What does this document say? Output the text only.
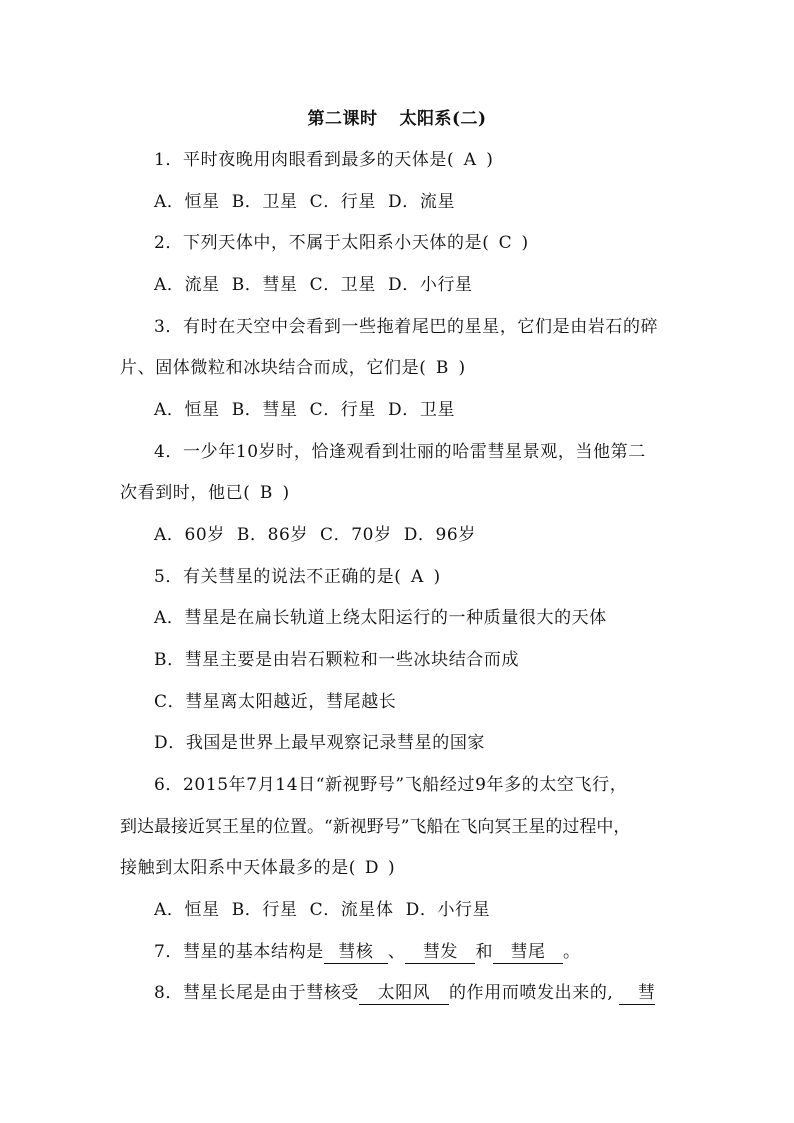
第二课时 太阳系(二)
1．平时夜晚用肉眼看到最多的天体是( A )
A．恒星 B．卫星 C．行星 D．流星
2．下列天体中，不属于太阳系小天体的是( C )
A．流星 B．彗星 C．卫星 D．小行星
3．有时在天空中会看到一些拖着尾巴的星星，它们是由岩石的碎
片、固体微粒和冰块结合而成，它们是( B )
A．恒星 B．彗星 C．行星 D．卫星
4．一少年10岁时，恰逢观看到壮丽的哈雷彗星景观，当他第二
次看到时，他已( B )
A．60岁 B．86岁 C．70岁 D．96岁
5．有关彗星的说法不正确的是( A )
A．彗星是在扁长轨道上绕太阳运行的一种质量很大的天体
B．彗星主要是由岩石颗粒和一些冰块结合而成
C．彗星离太阳越近，彗尾越长
D．我国是世界上最早观察记录彗星的国家
6．2015年7月14日“新视野号”飞船经过9年多的太空飞行，
到达最接近冥王星的位置。“新视野号”飞船在飞向冥王星的过程中，
接触到太阳系中天体最多的是( D )
A．恒星 B．行星 C．流星体 D．小行星
7．彗星的基本结构是 彗核 、 彗发 和 彗尾 。
8．彗星长尾是由于彗核受 太阳风 的作用而喷发出来的, 彗
